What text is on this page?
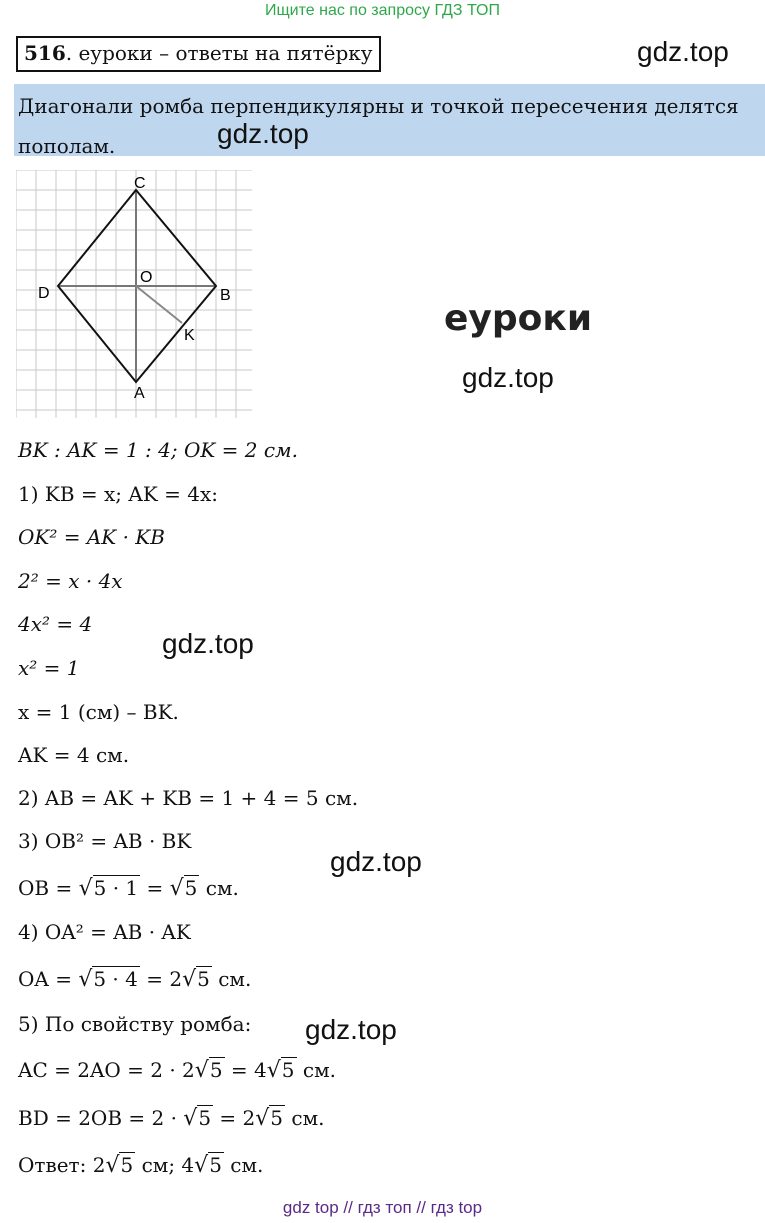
Ищите нас по запросу ГДЗ ТОП
516. еуроки – ответы на пятёрку	gdz.top
Диагонали ромба перпендикулярны и точкой пересечения делятся пополам.	gdz.top
C
O
D	B
K
A
еуроки
gdz.top
BK : AK = 1 : 4; OK = 2 см.
1) KB = x; AK = 4x:
OK² = AK · KB
2² = x · 4x
4x² = 4
gdz.top
x² = 1
x = 1 (см) – BK.
AK = 4 см.
2) AB = AK + KB = 1 + 4 = 5 см.
3) OB² = AB · BK
gdz.top
OB = √5 · 1 = √5 см.
4) OA² = AB · AK
OA = √5 · 4 = 2√5 см.
5) По свойству ромба: gdz.top
AC = 2AO = 2 · 2√5 = 4√5 см.
BD = 2OB = 2 · √5 = 2√5 см.
Ответ: 2√5 см; 4√5 см.
gdz top // гдз топ // гдз top
